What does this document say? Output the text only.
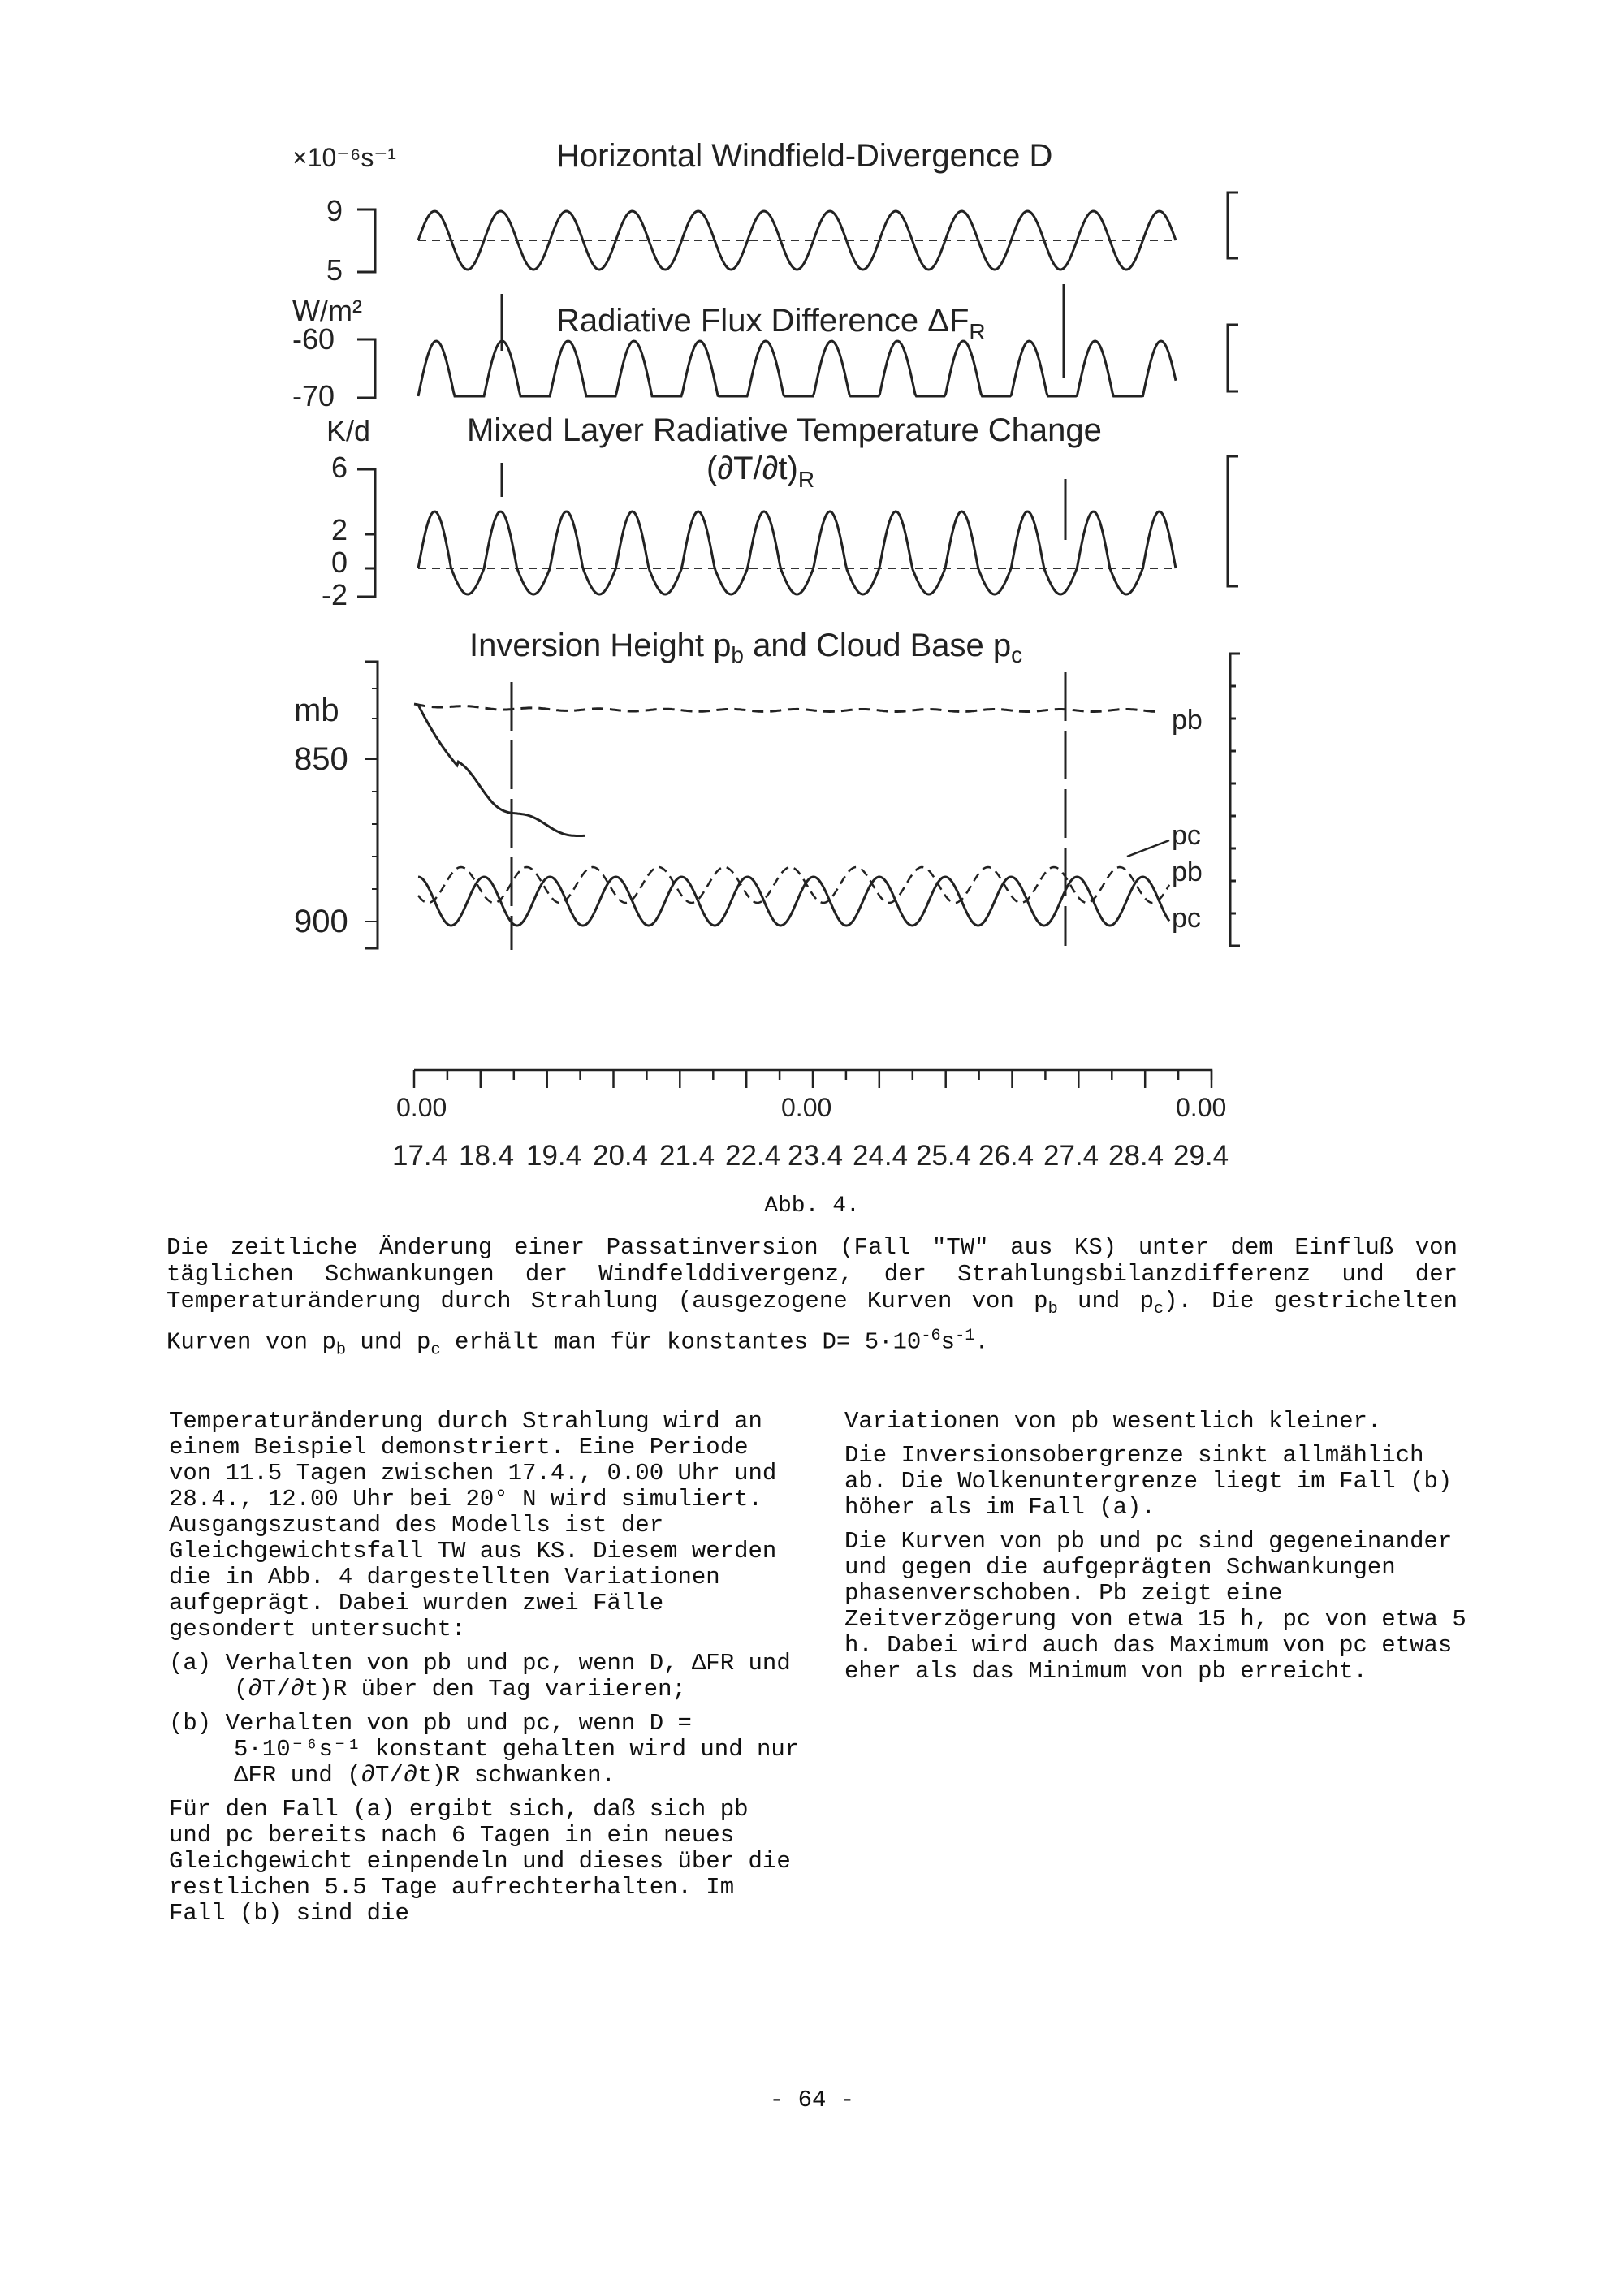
×10⁻⁶s⁻¹	Horizontal Windfield-Divergence D
9
5
W/m²
-60
-70
Radiative Flux Difference $\Delta F_R$
K/d	Mixed Layer Radiative Temperature Change
$(\partial T/\partial t)_R$
6
2
0
-2
Inversion Height $p_b$ and Cloud Base $p_c$
mb
850
900
pb
pc
pb
pc
0.00	0.00	0.00
17.4 18.4 19.4 20.4 21.4 22.4 23.4 24.4 25.4 26.4 27.4 28.4 29.4
Abb. 4.
Die zeitliche Änderung einer Passatinversion (Fall "TW" aus KS) unter dem Einfluß von täglichen Schwankungen der Windfelddivergenz, der Strahlungsbilanzdifferenz und der Temperaturänderung durch Strahlung (ausgezogene Kurven von $p_b$ und $p_c$). Die gestrichelten Kurven von $p_b$ und $p_c$ erhält man für konstantes $D= 5\cdot 10^{-6}s^{-1}$.

Temperaturänderung durch Strahlung wird an einem Beispiel demonstriert. Eine Periode von 11.5 Tagen zwischen 17.4., 0.00 Uhr und 28.4., 12.00 Uhr bei 20° N wird simuliert. Ausgangszustand des Modells ist der Gleichgewichtsfall TW aus KS. Diesem werden die in Abb. 4 dargestellten Variationen aufgeprägt. Dabei wurden zwei Fälle gesondert untersucht:

(a) Verhalten von pb und pc, wenn D, ΔFR und (∂T/∂t)R über den Tag variieren;

(b) Verhalten von pb und pc, wenn D = 5·10⁻⁶s⁻¹ konstant gehalten wird und nur ΔFR und (∂T/∂t)R schwanken.

Für den Fall (a) ergibt sich, daß sich pb und pc bereits nach 6 Tagen in ein neues Gleichgewicht einpendeln und dieses über die restlichen 5.5 Tage aufrechterhalten. Im Fall (b) sind die

Variationen von pb wesentlich kleiner.

Die Inversionsobergrenze sinkt allmählich ab. Die Wolkenuntergrenze liegt im Fall (b) höher als im Fall (a).

Die Kurven von pb und pc sind gegeneinander und gegen die aufgeprägten Schwankungen phasenverschoben. Pb zeigt eine Zeitverzögerung von etwa 15 h, pc von etwa 5 h. Dabei wird auch das Maximum von pc etwas eher als das Minimum von pb erreicht.

- 64 -
